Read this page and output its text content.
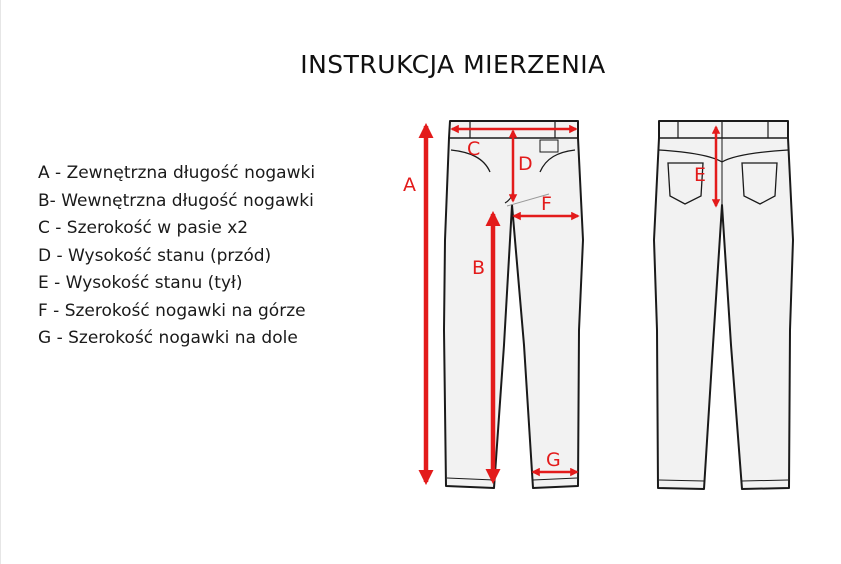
INSTRUKCJA MIERZENIA
A - Zewnętrzna długość nogawki
B- Wewnętrzna długość nogawki
C - Szerokość w pasie x2
D - Wysokość stanu (przód)
E - Wysokość stanu (tył)
F - Szerokość nogawki na górze
G - Szerokość nogawki na dole
A
B
C
D	E
F
G
